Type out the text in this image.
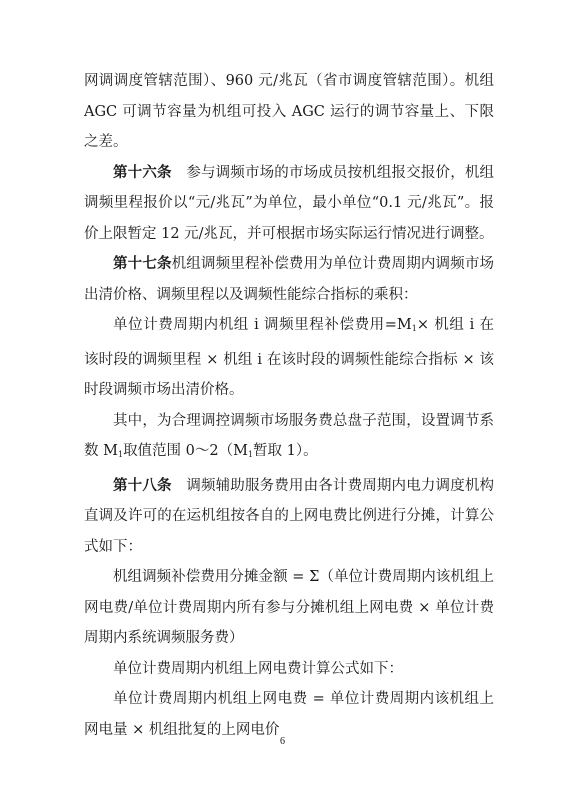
网调调度管辖范围）、960 元/兆瓦（省市调度管辖范围）。机组 AGC 可调节容量为机组可投入 AGC 运行的调节容量上、下限之差。

第十六条　 参与调频市场的市场成员按机组报交报价，机组调频里程报价以“元/兆瓦”为单位，最小单位“0.1 元/兆瓦”。报价上限暂定 12 元/兆瓦，并可根据市场实际运行情况进行调整。

第十七条机组调频里程补偿费用为单位计费周期内调频市场出清价格、调频里程以及调频性能综合指标的乘积：

单位计费周期内机组 i 调频里程补偿费用$=M_1\times$ 机组 i 在该时段的调频里程 × 机组 i 在该时段的调频性能综合指标 × 该时段调频市场出清价格。

其中，为合理调控调频市场服务费总盘子范围，设置调节系数 $M_1$取值范围 $0\sim 2(M_1$暂取 1）。

第十八条　 调频辅助服务费用由各计费周期内电力调度机构直调及许可的在运机组按各自的上网电费比例进行分摊，计算公式如下：

机组调频补偿费用分摊金额 = Σ（单位计费周期内该机组上网电费/单位计费周期内所有参与分摊机组上网电费 × 单位计费周期内系统调频服务费）

单位计费周期内机组上网电费计算公式如下：

单位计费周期内机组上网电费 = 单位计费周期内该机组上网电量 × 机组批复的上网电价

6
